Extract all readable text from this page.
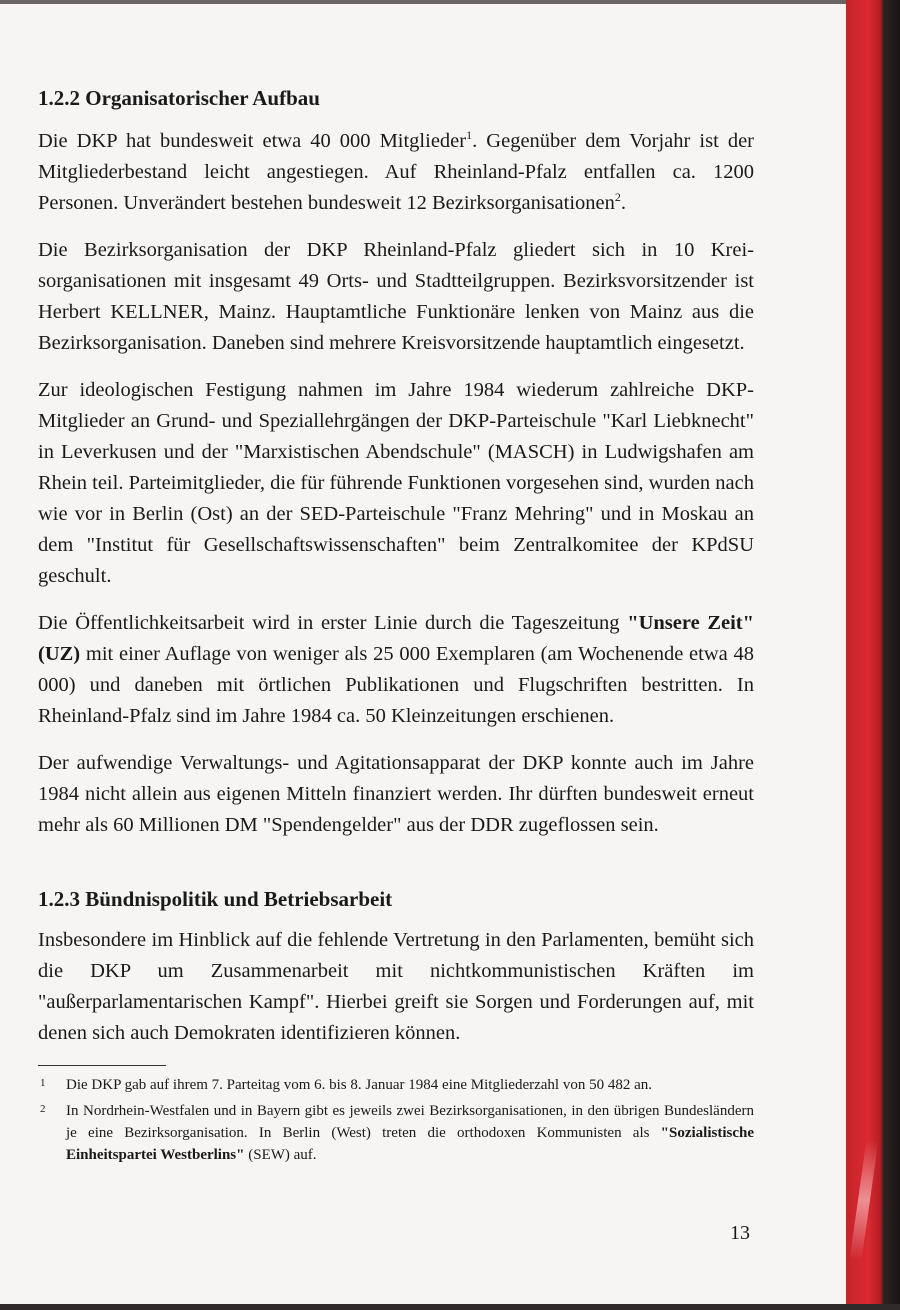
1.2.2 Organisatorischer Aufbau

Die DKP hat bundesweit etwa 40 000 Mitglieder$^1$. Gegenüber dem Vorjahr ist der Mitgliederbestand leicht angestiegen. Auf Rheinland-Pfalz entfallen ca. 1200 Personen. Unverändert bestehen bundesweit 12 Bezirksorganisationen$^2$.

Die Bezirksorganisation der DKP Rheinland-Pfalz gliedert sich in 10 Kreisorganisationen mit insgesamt 49 Orts- und Stadtteilgruppen. Bezirksvorsitzender ist Herbert KELLNER, Mainz. Hauptamtliche Funktionäre lenken von Mainz aus die Bezirksorganisation. Daneben sind mehrere Kreisvorsitzende hauptamtlich eingesetzt.

Zur ideologischen Festigung nahmen im Jahre 1984 wiederum zahlreiche DKP-Mitglieder an Grund- und Speziallehrgängen der DKP-Parteischule "Karl Liebknecht" in Leverkusen und der "Marxistischen Abendschule" (MASCH) in Ludwigshafen am Rhein teil. Parteimitglieder, die für führende Funktionen vorgesehen sind, wurden nach wie vor in Berlin (Ost) an der SED-Parteischule "Franz Mehring" und in Moskau an dem "Institut für Gesellschaftswissenschaften" beim Zentralkomitee der KPdSU geschult.

Die Öffentlichkeitsarbeit wird in erster Linie durch die Tageszeitung "Unsere Zeit" (UZ) mit einer Auflage von weniger als 25 000 Exemplaren (am Wochenende etwa 48 000) und daneben mit örtlichen Publikationen und Flugschriften bestritten. In Rheinland-Pfalz sind im Jahre 1984 ca. 50 Kleinzeitungen erschienen.

Der aufwendige Verwaltungs- und Agitationsapparat der DKP konnte auch im Jahre 1984 nicht allein aus eigenen Mitteln finanziert werden. Ihr dürften bundesweit erneut mehr als 60 Millionen DM "Spendengelder" aus der DDR zugeflossen sein.

1.2.3 Bündnispolitik und Betriebsarbeit

Insbesondere im Hinblick auf die fehlende Vertretung in den Parlamenten, bemüht sich die DKP um Zusammenarbeit mit nichtkommunistischen Kräften im "außerparlamentarischen Kampf". Hierbei greift sie Sorgen und Forderungen auf, mit denen sich auch Demokraten identifizieren können.

1	Die DKP gab auf ihrem 7. Parteitag vom 6. bis 8. Januar 1984 eine Mitgliederzahl von 50 482 an.
2	In Nordrhein-Westfalen und in Bayern gibt es jeweils zwei Bezirksorganisationen, in den übrigen Bundesländern je eine Bezirksorganisation. In Berlin (West) treten die orthodoxen Kommunisten als "Sozialistische Einheitspartei Westberlins" (SEW) auf.
13
